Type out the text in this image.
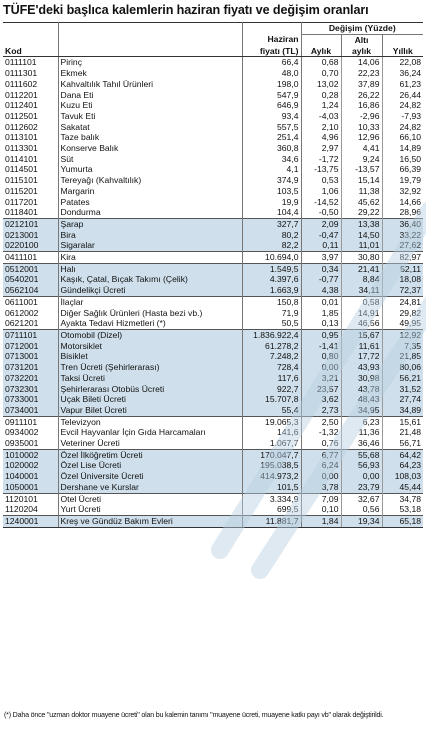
TÜFE'deki başlıca kalemlerin haziran fiyatı ve değişim oranları
			Değişim (Yüzde)		
		Haziran		Altı	
Kod		fiyatı (TL)	Aylık	aylık	Yıllık
0111101	Pirinç	66,4	0,68	14,06	22,08
0111301	Ekmek	48,0	0,70	22,23	36,24
0111602	Kahvaltılık Tahıl Ürünleri	198,0	13,02	37,89	61,23
0112201	Dana Eti	547,9	0,28	26,22	26,44
0112401	Kuzu Eti	646,9	1,24	16,86	24,82
0112501	Tavuk Eti	93,4	-4,03	-2,96	-7,93
0112602	Sakatat	557,5	2,10	10,33	24,82
0113101	Taze balık	251,4	4,96	12,96	66,10
0113301	Konserve Balık	360,8	2,97	4,41	14,89
0114101	Süt	34,6	-1,72	9,24	16,50
0114501	Yumurta	4,1	-13,75	-13,57	66,39
0115101	Tereyağı (Kahvaltılık)	374,9	0,53	15,14	19,79
0115201	Margarin	103,5	1,06	11,38	32,92
0117201	Patates	19,9	-14,52	45,62	14,66
0118401	Dondurma	104,4	-0,50	29,22	28,96
0212101	Şarap	327,7	2,09	13,38	36,40
0213001	Bira	80,2	-0,47	14,50	33,22
0220100	Sigaralar	82,2	0,11	11,01	27,62
0411101	Kira	10.694,0	3,97	30,80	82,97
0512001	Halı	1.549,5	0,34	21,41	52,11
0540201	Kaşık, Çatal, Bıçak Takımı (Çelik)	4.397,6	-0,77	8,84	18,08
0562104	Gündelikçi Ücreti	1.663,9	4,38	34,11	72,37
0611001	İlaçlar	150,8	0,01	0,58	24,81
0612002	Diğer Sağlık Ürünleri (Hasta bezi vb.)	71,9	1,85	14,91	29,82
0621201	Ayakta Tedavi Hizmetleri (*)	50,5	0,13	46,56	49,95
0711101	Otomobil (Dizel)	1.836.922,4	0,95	15,67	12,92
0712001	Motorsiklet	61.278,2	-1,41	11,61	7,35
0713001	Bisiklet	7.248,2	0,80	17,72	21,85
0731201	Tren Ücreti (Şehirlerarası)	728,4	0,00	43,93	80,06
0732201	Taksi Ücreti	117,6	3,21	30,98	56,21
0732301	Şehirlerarası Otobüs Ücreti	922,7	23,57	43,78	31,52
0733001	Uçak Bileti Ücreti	15.707,8	3,62	48,43	27,74
0734001	Vapur Bilet Ücreti	55,4	2,73	34,95	34,89
0911101	Televizyon	19.065,3	2,50	6,23	15,61
0934002	Evcil Hayvanlar İçin Gıda Harcamaları	141,6	-1,32	11,36	21,48
0935001	Veteriner Ücreti	1.067,7	0,76	36,46	56,71
1010002	Özel İlköğretim Ücreti	170.047,7	6,77	55,68	64,42
1020002	Özel Lise Ücreti	195.038,5	6,24	56,93	64,23
1040001	Özel Üniversite Ücreti	414.973,2	0,00	0,00	108,03
1050001	Dershane ve Kurslar	101,5	3,78	23,79	45,44
1120101	Otel Ücreti	3.334,9	7,09	32,67	34,78
1120204	Yurt Ücreti	699,5	0,10	0,56	53,18
1240001	Kreş ve Gündüz Bakım Evleri	11.881,7	1,84	19,34	65,18
(*) Daha önce "uzman doktor muayene ücreti" olan bu kalemin tanımı "muayene ücreti, muayene katkı payı vb" olarak değiştirildi.
